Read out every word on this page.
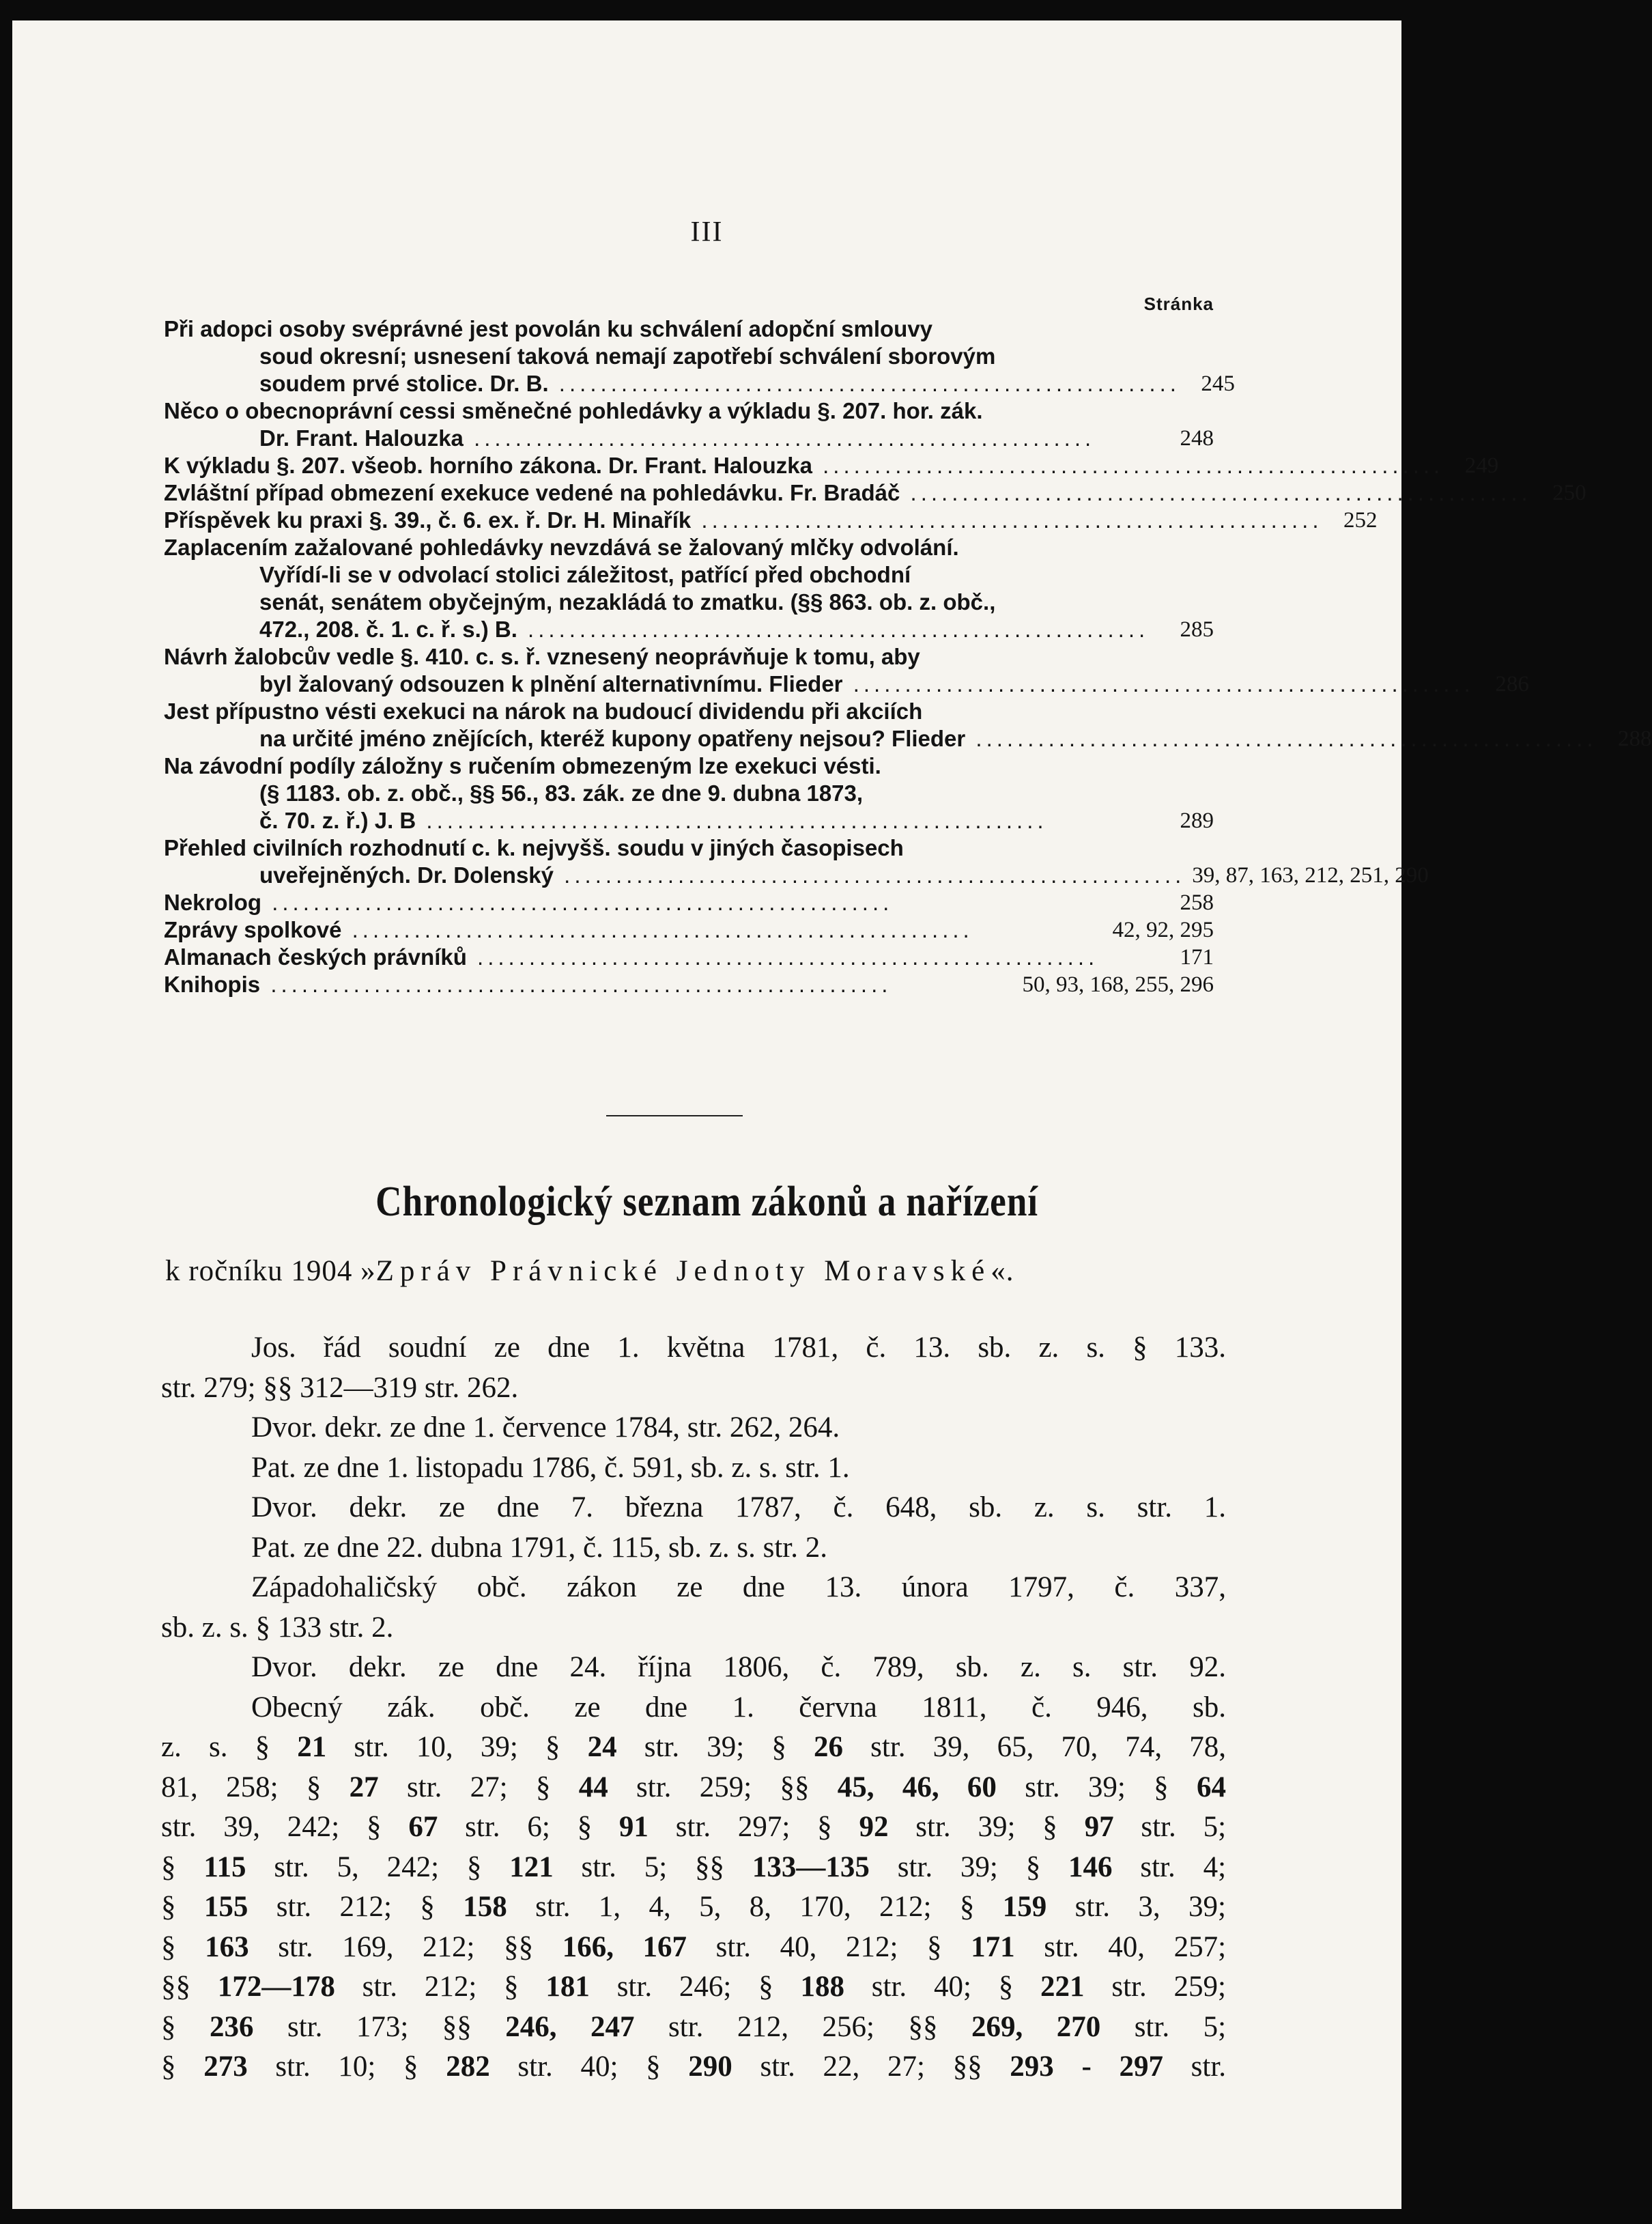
III
Stránka
Při adopci osoby svéprávné jest povolán ku schválení adopční smlouvy
soud okresní; usnesení taková nemají zapotřebí schválení sborovým
soudem prvé stolice. Dr. B. ............................................................ 245
Něco o obecnoprávní cessi směnečné pohledávky a výkladu §. 207. hor. zák.
Dr. Frant. Halouzka ............................................................	248
K výkladu §. 207. všeob. horního zákona. Dr. Frant. Halouzka ............................................................ 249
Zvláštní případ obmezení exekuce vedené na pohledávku. Fr. Bradáč ............................................................ 250
Příspěvek ku praxi §. 39., č. 6. ex. ř. Dr. H. Minařík ............................................................ 252
Zaplacením zažalované pohledávky nevzdává se žalovaný mlčky odvolání.
Vyřídí-li se v odvolací stolici záležitost, patřící před obchodní
senát, senátem obyčejným, nezakládá to zmatku. (§§ 863. ob. z. obč.,
472., 208. č. 1. c. ř. s.) B. ............................................................	285
Návrh žalobcův vedle §. 410. c. s. ř. vznesený neoprávňuje k tomu, aby
byl žalovaný odsouzen k plnění alternativnímu. Flieder ............................................................ 286
Jest přípustno vésti exekuci na nárok na budoucí dividendu při akciích
na určité jméno znějících, kteréž kupony opatřeny nejsou? Flieder ............................................................ 288
Na závodní podíly záložny s ručením obmezeným lze exekuci vésti.
(§ 1183. ob. z. obč., §§ 56., 83. zák. ze dne 9. dubna 1873,
č. 70. z. ř.) J. B ............................................................	289
Přehled civilních rozhodnutí c. k. nejvyšš. soudu v jiných časopisech
uveřejněných. Dr. Dolenský ............................................................ 39, 87, 163, 212, 251, 290
Nekrolog ............................................................	258
Zprávy spolkové ............................................................	42, 92, 295
Almanach českých právníků ............................................................	171
Knihopis ............................................................	50, 93, 168, 255, 296
Chronologický seznam zákonů a nařízení
k ročníku 1904 »Zpráv Právnické Jednoty Moravské«.
Jos. řád soudní ze dne 1. května 1781, č. 13. sb. z. s. § 133.
str. 279; §§ 312—319 str. 262.
Dvor. dekr. ze dne 1. července 1784, str. 262, 264.
Pat. ze dne 1. listopadu 1786, č. 591, sb. z. s. str. 1.
Dvor. dekr. ze dne 7. března 1787, č. 648, sb. z. s. str. 1.
Pat. ze dne 22. dubna 1791, č. 115, sb. z. s. str. 2.
Západohaličský obč. zákon ze dne 13. února 1797, č. 337,
sb. z. s. § 133 str. 2.
Dvor. dekr. ze dne 24. října 1806, č. 789, sb. z. s. str. 92.
Obecný zák. obč. ze dne 1. června 1811, č. 946, sb.
z. s. § 21 str. 10, 39; § 24 str. 39; § 26 str. 39, 65, 70, 74, 78,
81, 258; § 27 str. 27; § 44 str. 259; §§ 45, 46, 60 str. 39; § 64
str. 39, 242; § 67 str. 6; § 91 str. 297; § 92 str. 39; § 97 str. 5;
§ 115 str. 5, 242; § 121 str. 5; §§ 133—135 str. 39; § 146 str. 4;
§ 155 str. 212; § 158 str. 1, 4, 5, 8, 170, 212; § 159 str. 3, 39;
§ 163 str. 169, 212; §§ 166, 167 str. 40, 212; § 171 str. 40, 257;
§§ 172—178 str. 212; § 181 str. 246; § 188 str. 40; § 221 str. 259;
§ 236 str. 173; §§ 246, 247 str. 212, 256; §§ 269, 270 str. 5;
§ 273 str. 10; § 282 str. 40; § 290 str. 22, 27; §§ 293 - 297 str.
